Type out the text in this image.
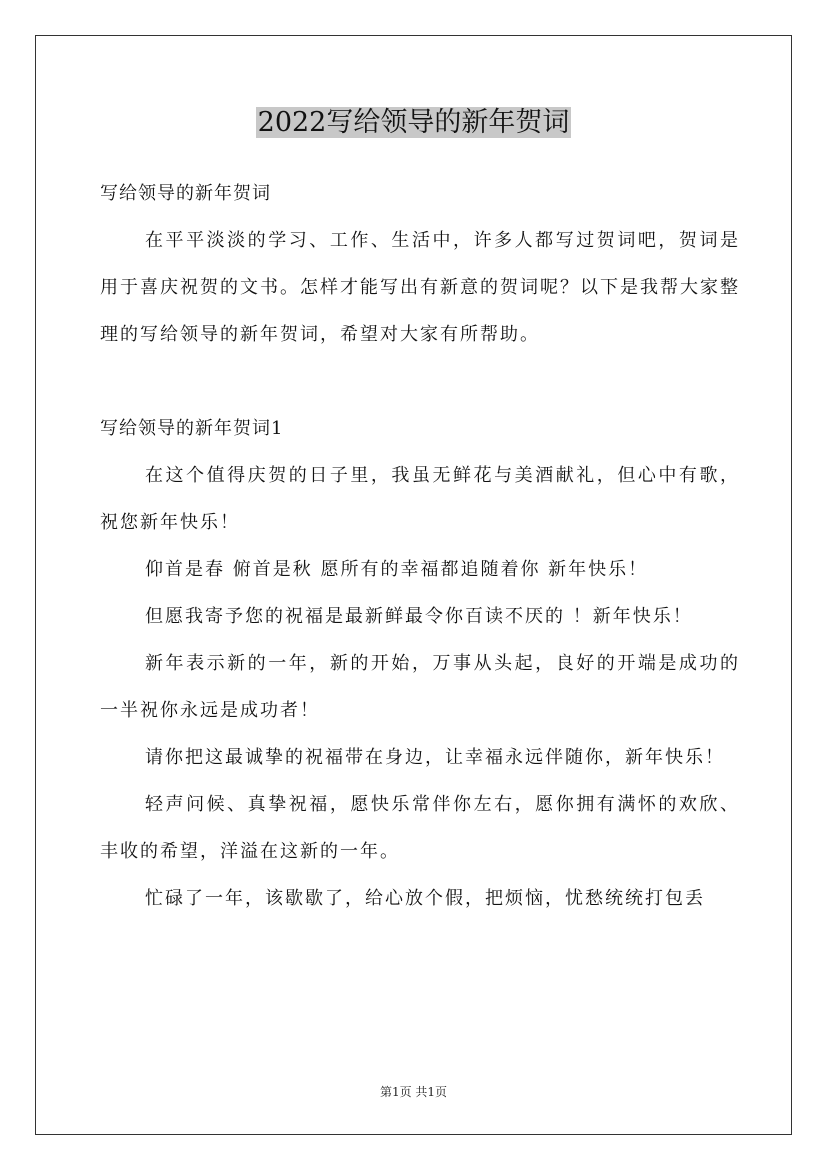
2022写给领导的新年贺词

写给领导的新年贺词

在平平淡淡的学习、工作、生活中，许多人都写过贺词吧，贺词是用于喜庆祝贺的文书。怎样才能写出有新意的贺词呢？以下是我帮大家整理的写给领导的新年贺词，希望对大家有所帮助。

写给领导的新年贺词1

在这个值得庆贺的日子里，我虽无鲜花与美酒献礼，但心中有歌，祝您新年快乐！

仰首是春 俯首是秋 愿所有的幸福都追随着你 新年快乐！

但愿我寄予您的祝福是最新鲜最令你百读不厌的 ！新年快乐！

新年表示新的一年，新的开始，万事从头起，良好的开端是成功的一半祝你永远是成功者！

请你把这最诚挚的祝福带在身边，让幸福永远伴随你，新年快乐！

轻声问候、真挚祝福，愿快乐常伴你左右，愿你拥有满怀的欢欣、丰收的希望，洋溢在这新的一年。

忙碌了一年，该歇歇了，给心放个假，把烦恼，忧愁统统打包丢

第1页 共1页
